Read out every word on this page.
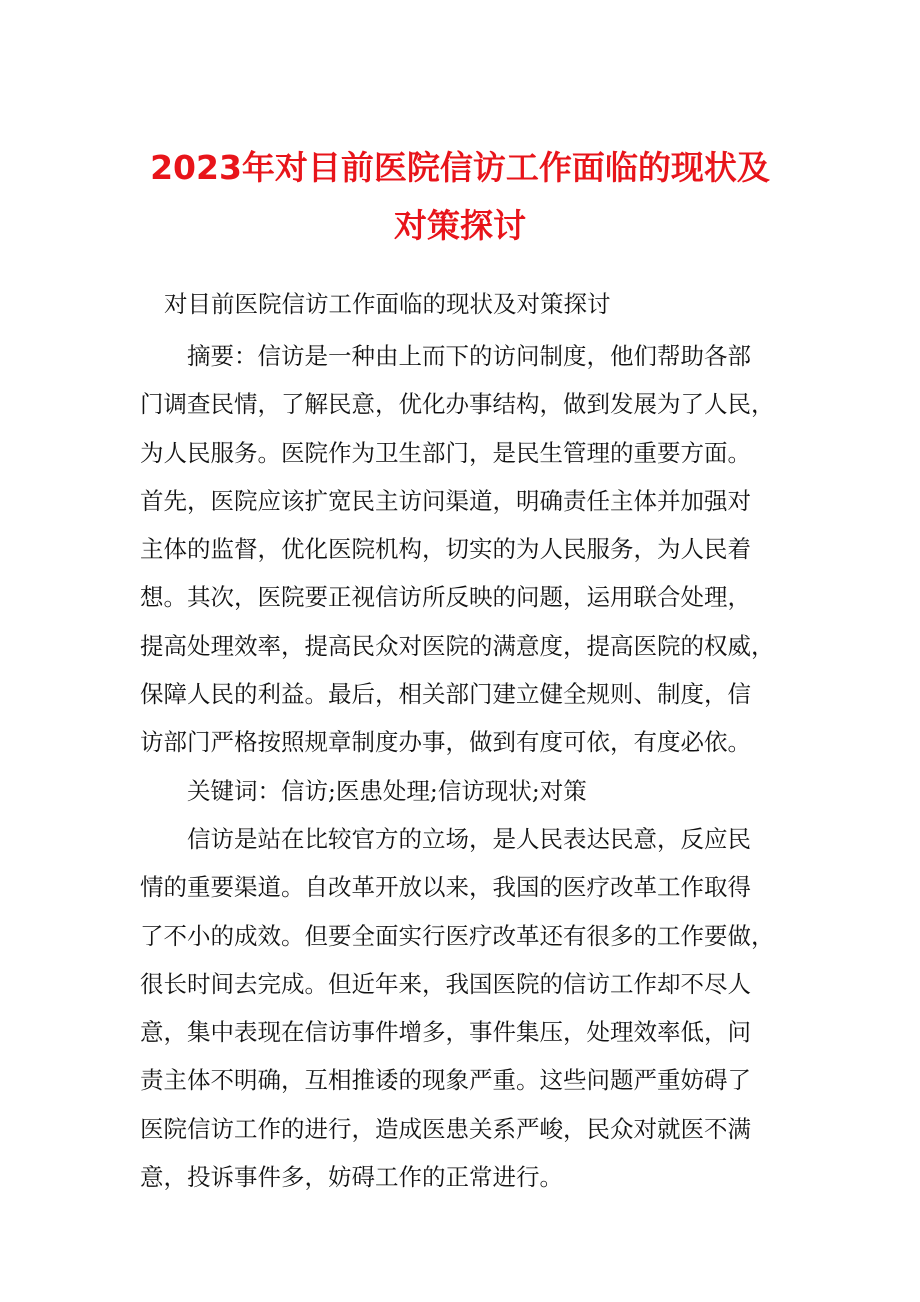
2023年对目前医院信访工作面临的现状及
对策探讨
对目前医院信访工作面临的现状及对策探讨
摘要：信访是一种由上而下的访问制度，他们帮助各部
门调查民情，了解民意，优化办事结构，做到发展为了人民，
为人民服务。医院作为卫生部门，是民生管理的重要方面。
首先，医院应该扩宽民主访问渠道，明确责任主体并加强对
主体的监督，优化医院机构，切实的为人民服务，为人民着
想。其次，医院要正视信访所反映的问题，运用联合处理，
提高处理效率，提高民众对医院的满意度，提高医院的权威，
保障人民的利益。最后，相关部门建立健全规则、制度，信
访部门严格按照规章制度办事，做到有度可依，有度必依。
关键词：信访;医患处理;信访现状;对策
信访是站在比较官方的立场，是人民表达民意，反应民
情的重要渠道。自改革开放以来，我国的医疗改革工作取得
了不小的成效。但要全面实行医疗改革还有很多的工作要做，
很长时间去完成。但近年来，我国医院的信访工作却不尽人
意，集中表现在信访事件增多，事件集压，处理效率低，问
责主体不明确，互相推诿的现象严重。这些问题严重妨碍了
医院信访工作的进行，造成医患关系严峻，民众对就医不满
意，投诉事件多，妨碍工作的正常进行。
